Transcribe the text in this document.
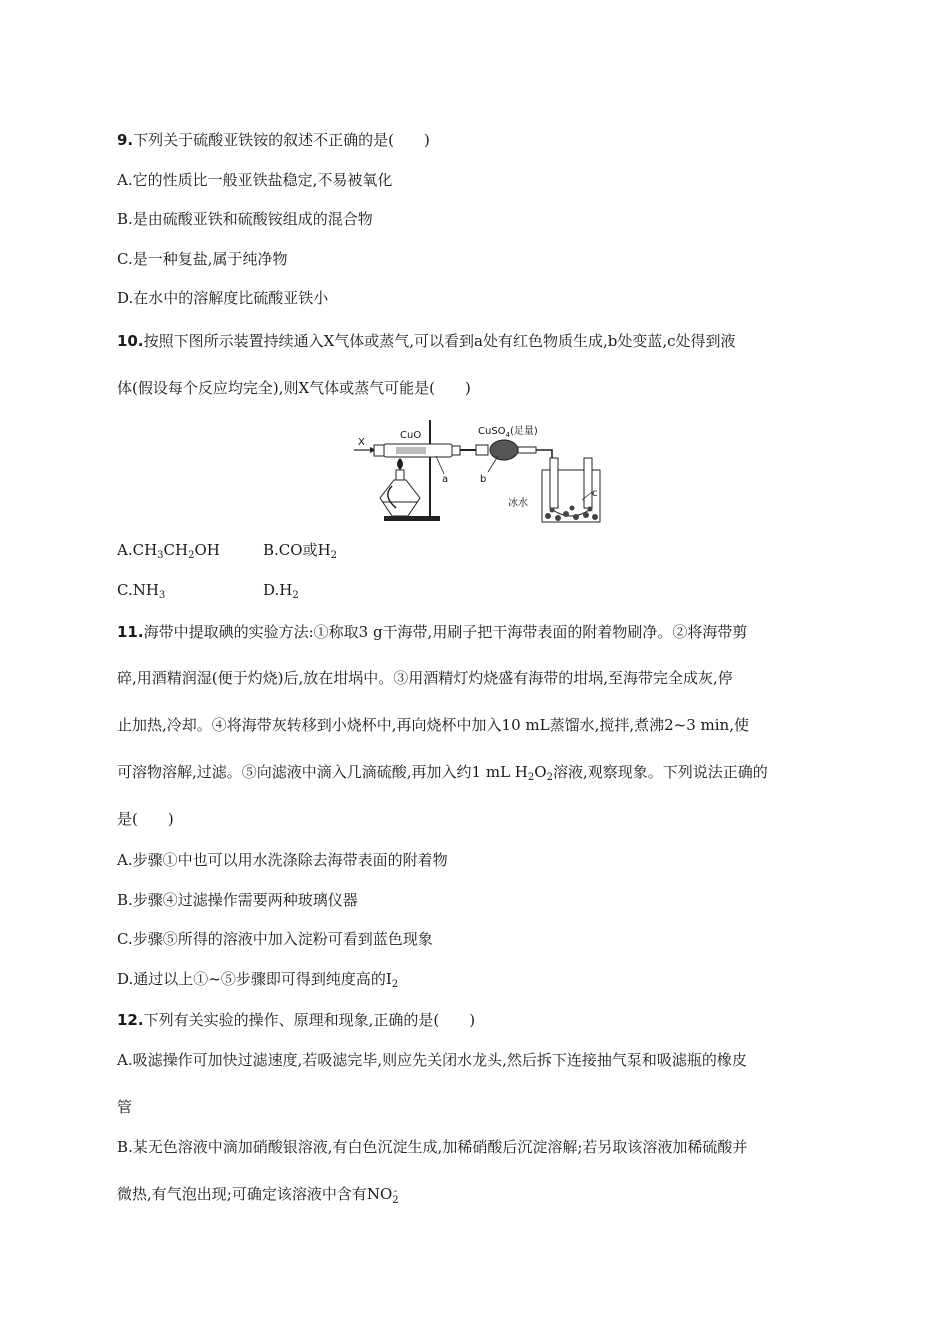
9.下列关于硫酸亚铁铵的叙述不正确的是(　　)
A.它的性质比一般亚铁盐稳定,不易被氧化
B.是由硫酸亚铁和硫酸铵组成的混合物
C.是一种复盐,属于纯净物
D.在水中的溶解度比硫酸亚铁小
10.按照下图所示装置持续通入X气体或蒸气,可以看到a处有红色物质生成,b处变蓝,c处得到液
体(假设每个反应均完全),则X气体或蒸气可能是(　　)
X
CuO	CuSO$_4$(足量)
a	b
c
冰水
$A.CH_3CH_2OH$	B.CO或$H_2$
$C.NH_3$	$D.H_2$
11.海带中提取碘的实验方法:①称取3 g干海带,用刷子把干海带表面的附着物刷净。②将海带剪
碎,用酒精润湿(便于灼烧)后,放在坩埚中。③用酒精灯灼烧盛有海带的坩埚,至海带完全成灰,停
止加热,冷却。④将海带灰转移到小烧杯中,再向烧杯中加入10 mL蒸馏水,搅拌,煮沸2~3 min,使
可溶物溶解,过滤。⑤向滤液中滴入几滴硫酸,再加入约1 mL $H_2O_2$溶液,观察现象。下列说法正确的
是(　　)
A.步骤①中也可以用水洗涤除去海带表面的附着物
B.步骤④过滤操作需要两种玻璃仪器
C.步骤⑤所得的溶液中加入淀粉可看到蓝色现象
D.通过以上①~⑤步骤即可得到纯度高的$I_2$
12.下列有关实验的操作、原理和现象,正确的是(　　)
A.吸滤操作可加快过滤速度,若吸滤完毕,则应先关闭水龙头,然后拆下连接抽气泵和吸滤瓶的橡皮
管
B.某无色溶液中滴加硝酸银溶液,有白色沉淀生成,加稀硝酸后沉淀溶解;若另取该溶液加稀硫酸并
微热,有气泡出现;可确定该溶液中含有NO -
2
